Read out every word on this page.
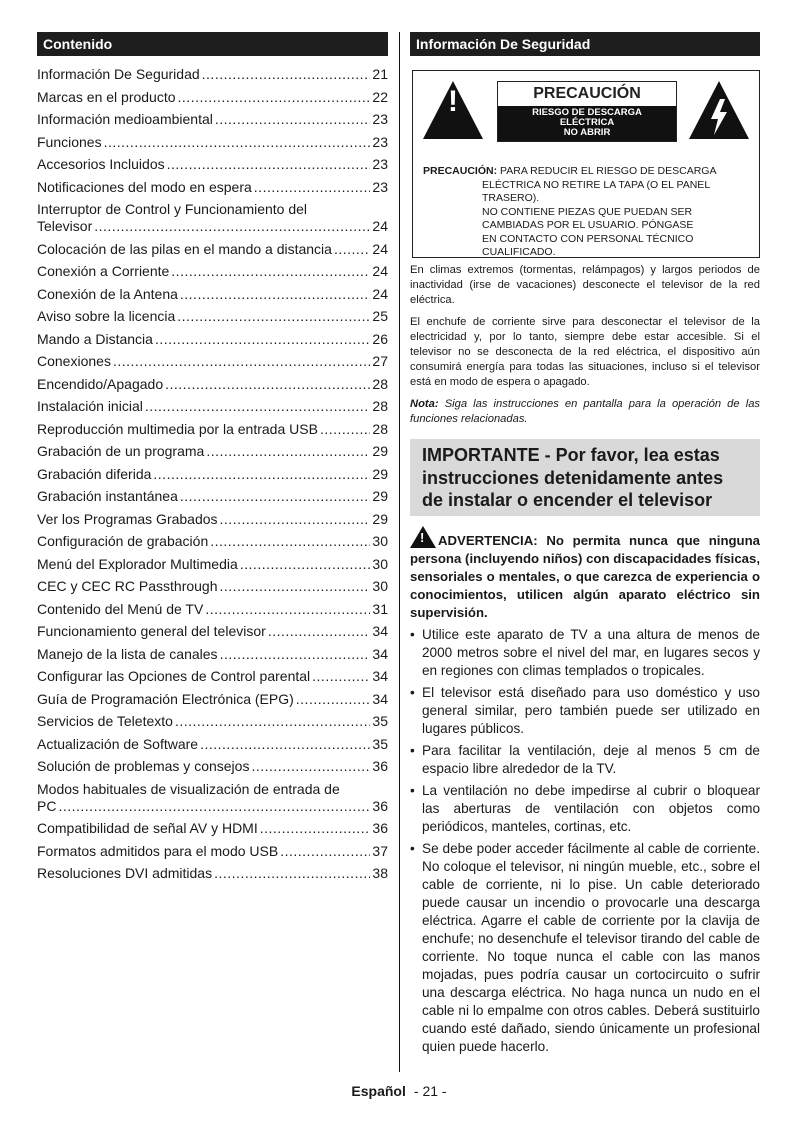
Contenido
Información De Seguridad .....	21
Marcas en el producto .....	22
Información medioambiental .....	23
Funciones .....	23
Accesorios Incluidos .....	23
Notificaciones del modo en espera .....	23
Interruptor de Control y Funcionamiento del
Televisor .....	24
Colocación de las pilas en el mando a distancia .....	24
Conexión a Corriente .....	24
Conexión de la Antena .....	24
Aviso sobre la licencia .....	25
Mando a Distancia .....	26
Conexiones .....	27
Encendido/Apagado .....	28
Instalación inicial .....	28
Reproducción multimedia por la entrada USB .....	28
Grabación de un programa .....	29
Grabación diferida .....	29
Grabación instantánea .....	29
Ver los Programas Grabados .....	29
Configuración de grabación .....	30
Menú del Explorador Multimedia .....	30
CEC y CEC RC Passthrough .....	30
Contenido del Menú de TV .....	31
Funcionamiento general del televisor .....	34
Manejo de la lista de canales .....	34
Configurar las Opciones de Control parental .....	34
Guía de Programación Electrónica (EPG) .....	34
Servicios de Teletexto .....	35
Actualización de Software .....	35
Solución de problemas y consejos .....	36
Modos habituales de visualización de entrada de
PC .....	36
Compatibilidad de señal AV y HDMI .....	36
Formatos admitidos para el modo USB .....	37
Resoluciones DVI admitidas .....	38
Información De Seguridad
!	PRECAUCIÓN
RIESGO DE DESCARGA
ELÉCTRICA
NO ABRIR
PRECAUCIÓN: PARA REDUCIR EL RIESGO DE DESCARGA
ELÉCTRICA NO RETIRE LA TAPA (O EL PANEL
TRASERO).
NO CONTIENE PIEZAS QUE PUEDAN SER
CAMBIADAS POR EL USUARIO. PÓNGASE
EN CONTACTO CON PERSONAL TÉCNICO
CUALIFICADO.

En climas extremos (tormentas, relámpagos) y largos periodos de inactividad (irse de vacaciones) desconecte el televisor de la red eléctrica.

El enchufe de corriente sirve para desconectar el televisor de la electricidad y, por lo tanto, siempre debe estar accesible. Si el televisor no se desconecta de la red eléctrica, el dispositivo aún consumirá energía para todas las situaciones, incluso si el televisor está en modo de espera o apagado.

Nota: Siga las instrucciones en pantalla para la operación de las funciones relacionadas.

IMPORTANTE - Por favor, lea estas instrucciones detenidamente antes de instalar o encender el televisor
! ADVERTENCIA: No permita nunca que ninguna persona (incluyendo niños) con discapacidades físicas, sensoriales o mentales, o que carezca de experiencia o conocimientos, utilicen algún aparato eléctrico sin supervisión.
• Utilice este aparato de TV a una altura de menos de 2000 metros sobre el nivel del mar, en lugares secos y en regiones con climas templados o tropicales.
• El televisor está diseñado para uso doméstico y uso general similar, pero también puede ser utilizado en lugares públicos.
• Para facilitar la ventilación, deje al menos 5 cm de espacio libre alrededor de la TV.
• La ventilación no debe impedirse al cubrir o bloquear las aberturas de ventilación con objetos como periódicos, manteles, cortinas, etc.
• Se debe poder acceder fácilmente al cable de corriente. No coloque el televisor, ni ningún mueble, etc., sobre el cable de corriente, ni lo pise. Un cable deteriorado puede causar un incendio o provocarle una descarga eléctrica. Agarre el cable de corriente por la clavija de enchufe; no desenchufe el televisor tirando del cable de corriente. No toque nunca el cable con las manos mojadas, pues podría causar un cortocircuito o sufrir una descarga eléctrica. No haga nunca un nudo en el cable ni lo empalme con otros cables. Deberá sustituirlo cuando esté dañado, siendo únicamente un profesional quien puede hacerlo.
Español - 21 -
